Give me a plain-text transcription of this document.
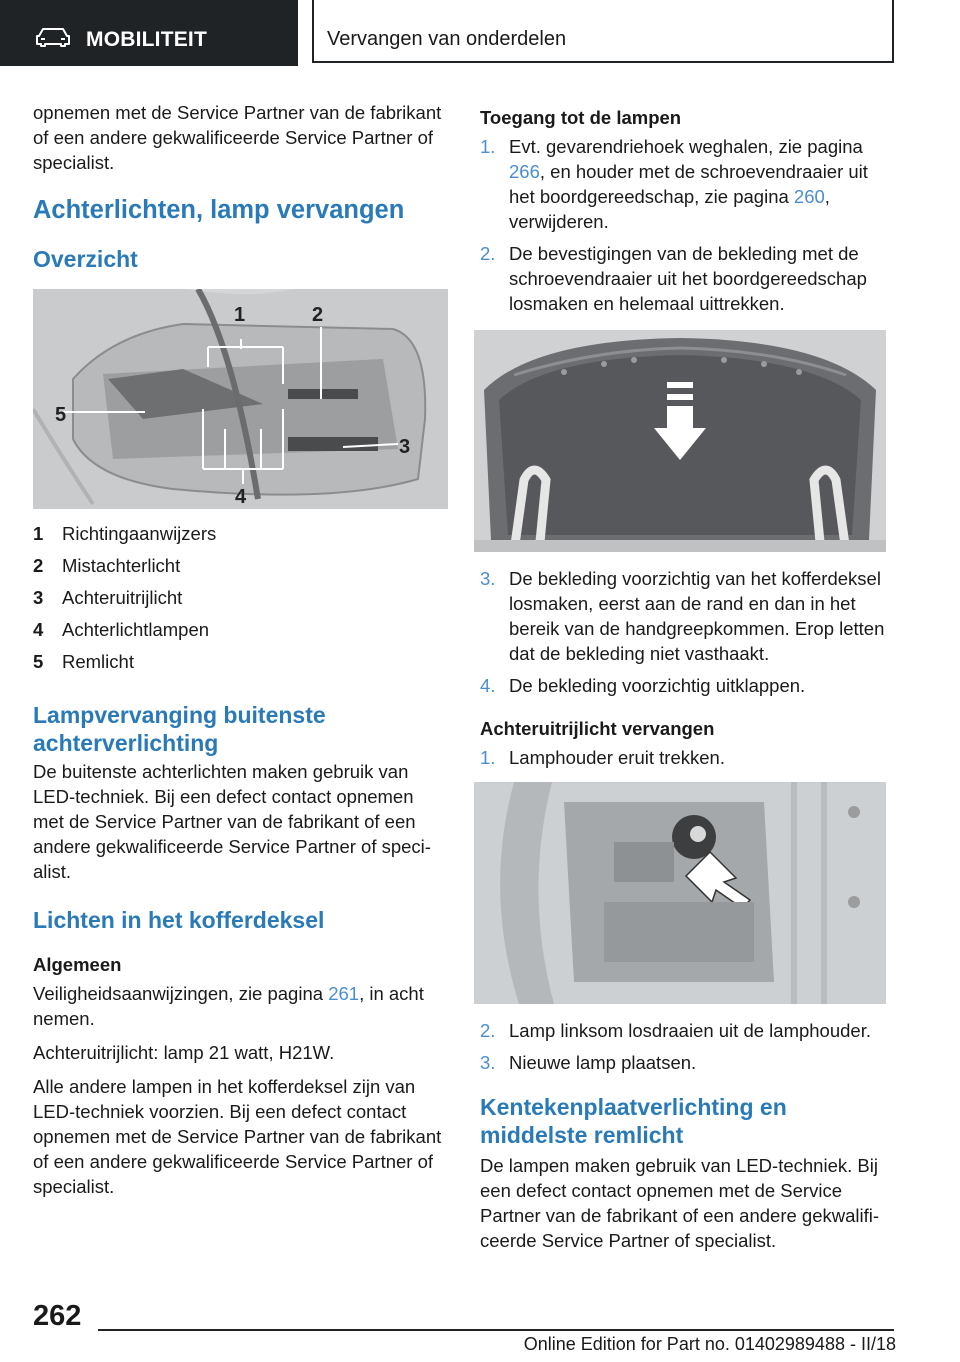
MOBILITEIT	Vervangen van onderdelen

opnemen met de Service Partner van de fabrikant of een andere gekwalificeerde Service Partner of specialist.

Achterlichten, lamp vervangen
Overzicht
1	2
3
4
5
1 Richtingaanwijzers
2 Mistachterlicht
3 Achteruitrijlicht
4 Achterlichtlampen
5 Remlicht
Lampvervanging buitenste achterverlichting

De buitenste achterlichten maken gebruik van LED-techniek. Bij een defect contact opnemen met de Service Partner van de fabrikant of een andere gekwalificeerde Service Partner of specialist.

Lichten in het kofferdeksel
Algemeen

Veiligheidsaanwijzingen, zie pagina 261, in acht nemen.

Achteruitrijlicht: lamp 21 watt, H21W.

Alle andere lampen in het kofferdeksel zijn van LED-techniek voorzien. Bij een defect contact opnemen met de Service Partner van de fabrikant of een andere gekwalificeerde Service Partner of specialist.

Toegang tot de lampen
1. Evt. gevarendriehoek weghalen, zie pagina 266, en houder met de schroevendraaier uit het boordgereedschap, zie pagina 260, verwijderen.
2. De bevestigingen van de bekleding met de schroevendraaier uit het boordgereedschap losmaken en helemaal uittrekken.
3. De bekleding voorzichtig van het kofferdeksel losmaken, eerst aan de rand en dan in het bereik van de handgreepkommen. Erop letten dat de bekleding niet vasthaakt.
4. De bekleding voorzichtig uitklappen.
Achteruitrijlicht vervangen
1. Lamphouder eruit trekken.
2. Lamp linksom losdraaien uit de lamphouder.
3. Nieuwe lamp plaatsen.
Kentekenplaatverlichting en middelste remlicht

De lampen maken gebruik van LED-techniek. Bij een defect contact opnemen met de Service Partner van de fabrikant of een andere gekwalificeerde Service Partner of specialist.

262
Online Edition for Part no. 01402989488 - II/18
